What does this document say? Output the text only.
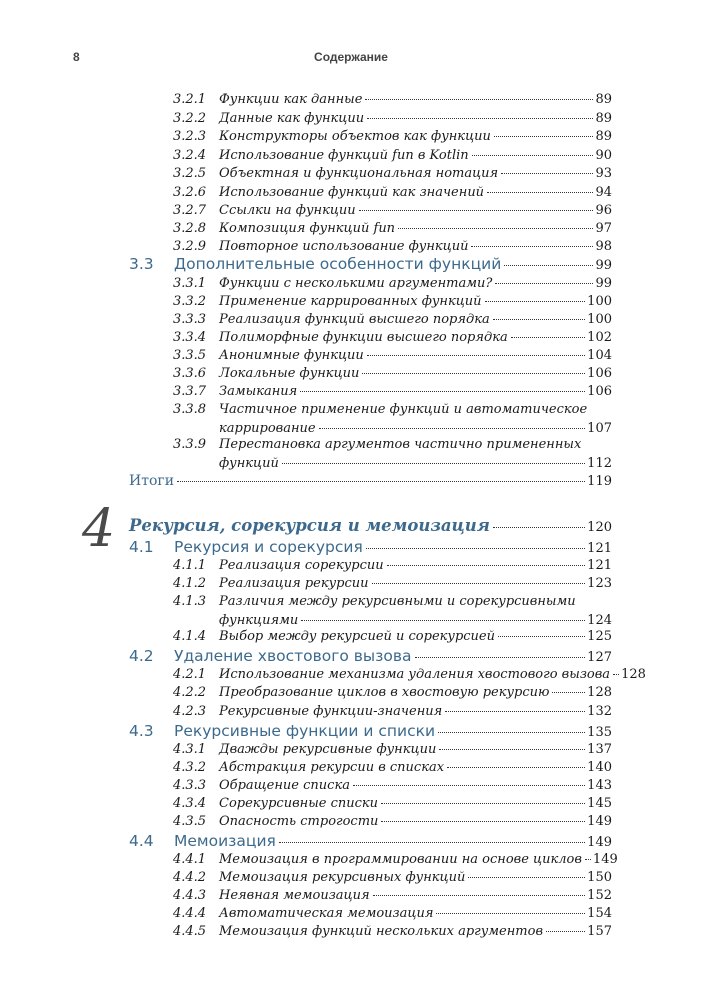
8	Содержание
3.2.1 Функции как данные	89
3.2.2 Данные как функции	89
3.2.3 Конструкторы объектов как функции	89
3.2.4 Использование функций fun в Kotlin	90
3.2.5 Объектная и функциональная нотация	93
3.2.6 Использование функций как значений	94
3.2.7 Ссылки на функции	96
3.2.8 Композиция функций fun	97
3.2.9 Повторное использование функций	98
3.3 Дополнительные особенности функций	99
3.3.1 Функции с несколькими аргументами?	99
3.3.2 Применение каррированных функций	100
3.3.3 Реализация функций высшего порядка	100
3.3.4 Полиморфные функции высшего порядка	102
3.3.5 Анонимные функции	104
3.3.6 Локальные функции	106
3.3.7 Замыкания	106
3.3.8 Частичное применение функций и автоматическое
каррирование	107
3.3.9 Перестановка аргументов частично примененных
функций	112
Итоги	119
4 Рекурсия, сорекурсия и мемоизация	120
4.1 Рекурсия и сорекурсия	121
4.1.1 Реализация сорекурсии	121
4.1.2 Реализация рекурсии	123
4.1.3 Различия между рекурсивными и сорекурсивными
функциями	124
4.1.4 Выбор между рекурсией и сорекурсией	125
4.2 Удаление хвостового вызова	127
4.2.1 Использование механизма удаления хвостового вызова 128
4.2.2 Преобразование циклов в хвостовую рекурсию	128
4.2.3 Рекурсивные функции-значения	132
4.3 Рекурсивные функции и списки	135
4.3.1 Дважды рекурсивные функции	137
4.3.2 Абстракция рекурсии в списках	140
4.3.3 Обращение списка	143
4.3.4 Сорекурсивные списки	145
4.3.5 Опасность строгости	149
4.4 Мемоизация	149
4.4.1 Мемоизация в программировании на основе циклов 149
4.4.2 Мемоизация рекурсивных функций	150
4.4.3 Неявная мемоизация	152
4.4.4 Автоматическая мемоизация	154
4.4.5 Мемоизация функций нескольких аргументов	157
